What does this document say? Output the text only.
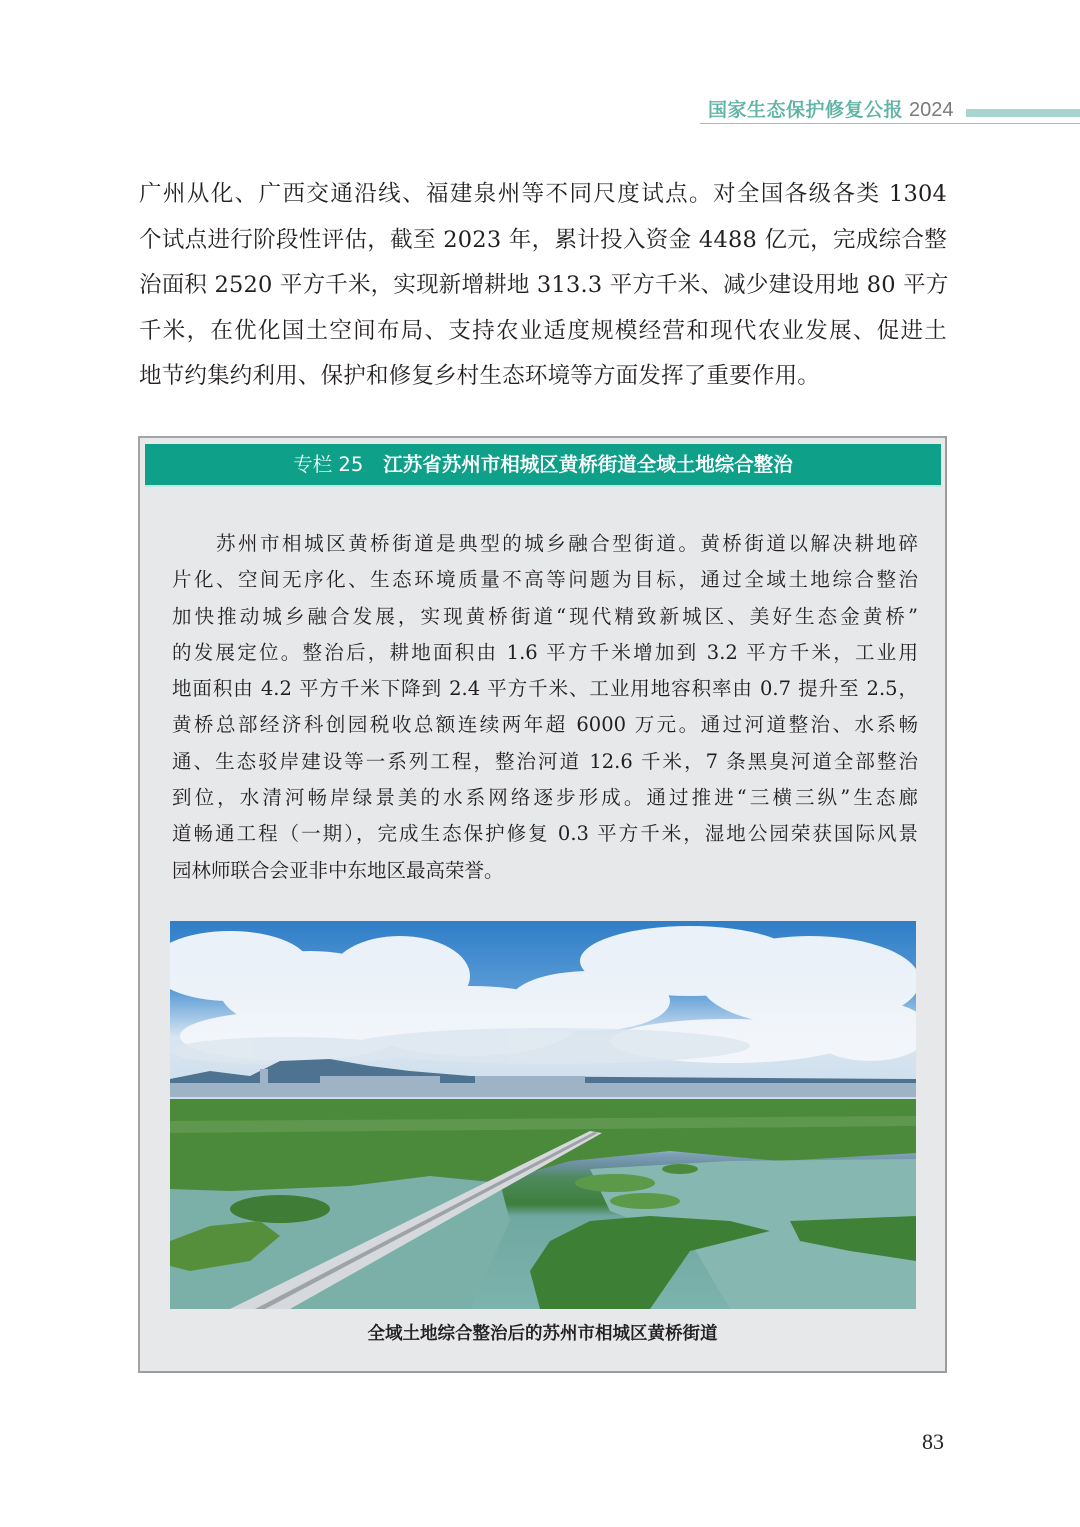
国家生态保护修复公报 2024
广州从化、广西交通沿线、福建泉州等不同尺度试点。对全国各级各类 1304
个试点进行阶段性评估，截至 2023 年，累计投入资金 4488 亿元，完成综合整
治面积 2520 平方千米，实现新增耕地 313.3 平方千米、减少建设用地 80 平方
千米，在优化国土空间布局、支持农业适度规模经营和现代农业发展、促进土
地节约集约利用、保护和修复乡村生态环境等方面发挥了重要作用。
专栏 25 江苏省苏州市相城区黄桥街道全域土地综合整治
苏州市相城区黄桥街道是典型的城乡融合型街道。黄桥街道以解决耕地碎
片化、空间无序化、生态环境质量不高等问题为目标，通过全域土地综合整治
加快推动城乡融合发展，实现黄桥街道“现代精致新城区、美好生态金黄桥”
的发展定位。整治后，耕地面积由 1.6 平方千米增加到 3.2 平方千米，工业用
地面积由 4.2 平方千米下降到 2.4 平方千米、工业用地容积率由 0.7 提升至 2.5，
黄桥总部经济科创园税收总额连续两年超 6000 万元。通过河道整治、水系畅
通、生态驳岸建设等一系列工程，整治河道 12.6 千米，7 条黑臭河道全部整治
到位，水清河畅岸绿景美的水系网络逐步形成。通过推进“三横三纵”生态廊
道畅通工程（一期），完成生态保护修复 0.3 平方千米，湿地公园荣获国际风景
园林师联合会亚非中东地区最高荣誉。
全域土地综合整治后的苏州市相城区黄桥街道
83
